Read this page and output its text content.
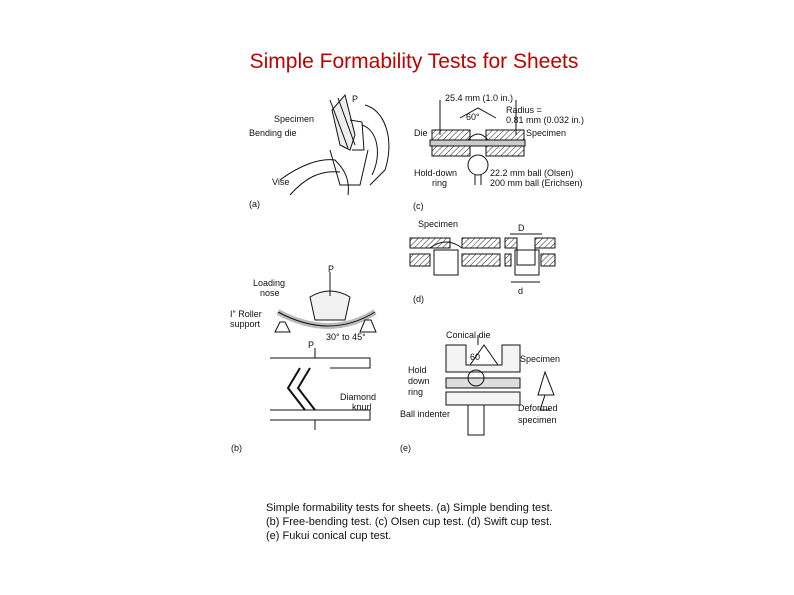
Simple Formability Tests for Sheets
P
Specimen
Bending die
Vise
(a)
25.4 mm (1.0 in.)
Radius =
0.81 mm (0.032 in.)
60°
Die	Specimen
Hold-down
ring
22.2 mm ball (Olsen)
200 mm ball (Erichsen)
(c)
Specimen	D
d
(d)
P
Loading
nose
I" Roller
support
30° to 45°
P
Diamond
knurl
(b)
Conical die
60	Specimen
Hold
down
ring
Ball indenter
Deformed
specimen
(e)
Simple formability tests for sheets. (a) Simple bending test.
(b) Free-bending test. (c) Olsen cup test. (d) Swift cup test.
(e) Fukui conical cup test.
